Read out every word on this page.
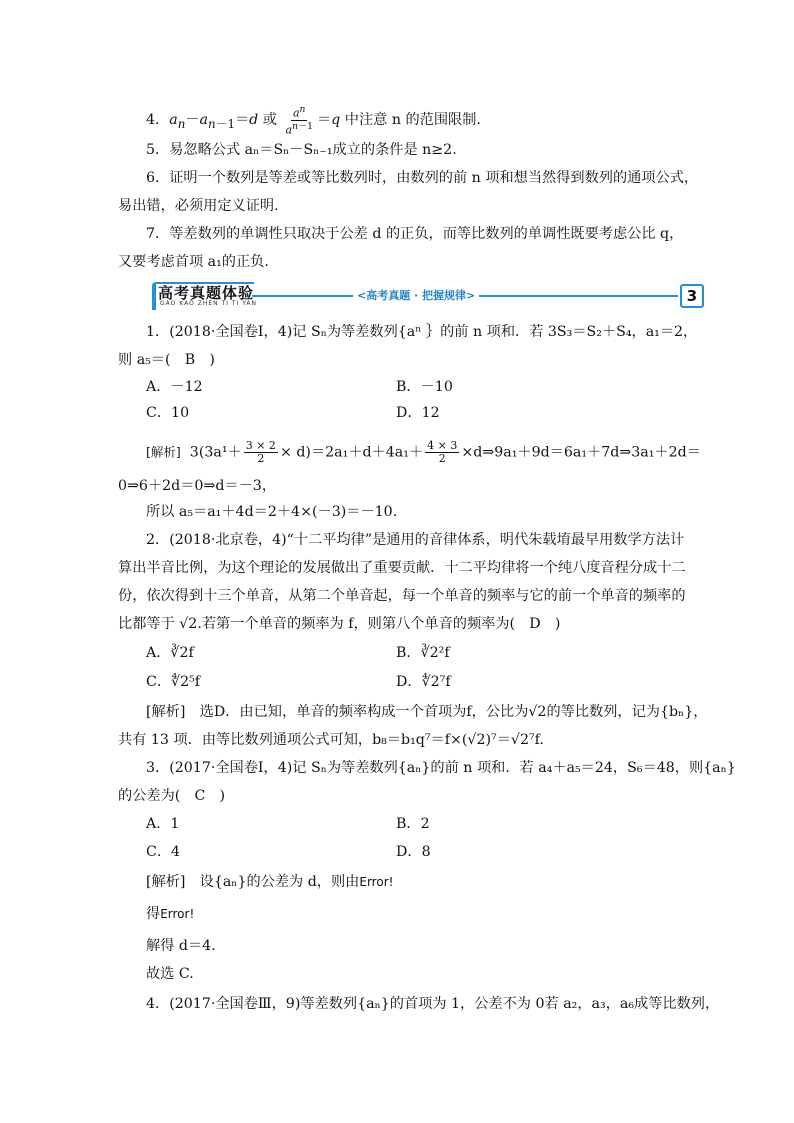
4．$a_n-a_{n-1}=d$ 或 $\frac{a^n}{a^{n-1}} =q$ 中注意 n 的范围限制.
5．易忽略公式 aₙ＝Sₙ－Sₙ₋₁成立的条件是 n≥2.
6．证明一个数列是等差或等比数列时，由数列的前 n 项和想当然得到数列的通项公式，
易出错，必须用定义证明.
7．等差数列的单调性只取决于公差 d 的正负，而等比数列的单调性既要考虑公比 q，
又要考虑首项 a₁的正负.
高考真题体验
GAO KAO ZHEN TI TI YAN
<高考真题 · 把握规律>	3
1．(2018·全国卷Ⅰ，4)记 Sₙ为等差数列{aⁿ ｝的前 n 项和．若 3S₃＝S₂＋S₄，a₁＝2，
则 a₅＝(　B　)
A．－12	B．－10
C．10	D．12
[解析] $3(3a^1+ \frac{3 \times 2}{2} \times d)=2a_1+d+4a_1+ \frac{4 \times 3}{2}$ ×d⇒9a₁＋9d＝6a₁＋7d⇒3a₁＋2d＝
0⇒6＋2d＝0⇒d＝－3，
所以 a₅＝a₁＋4d＝2＋4×(－3)＝－10.
2．(2018·北京卷，4)“十二平均律”是通用的音律体系，明代朱载堉最早用数学方法计
算出半音比例，为这个理论的发展做出了重要贡献．十二平均律将一个纯八度音程分成十二
份，依次得到十三个单音，从第二个单音起，每一个单音的频率与它的前一个单音的频率的
比都等于 √2.若第一个单音的频率为 f，则第八个单音的频率为(　D　)
A．∛2f	B．∛2²f
C．∜2⁵f	D．∜2⁷f
[解析]　选D．由已知，单音的频率构成一个首项为f，公比为√2的等比数列，记为{bₙ}，
共有 13 项．由等比数列通项公式可知，b₈＝b₁q⁷＝f×(√2)⁷＝√2⁷f.
3．(2017·全国卷Ⅰ，4)记 Sₙ为等差数列{aₙ}的前 n 项和．若 a₄＋a₅＝24，S₆＝48，则{aₙ}
的公差为(　C　)
A．1	B．2
C．4	D．8
[解析]　设{aₙ}的公差为 d，则由Error!
得Error!
解得 d＝4.
故选 C.
4．(2017·全国卷Ⅲ，9)等差数列{aₙ}的首项为 1，公差不为 0若 a₂，a₃，a₆成等比数列，
